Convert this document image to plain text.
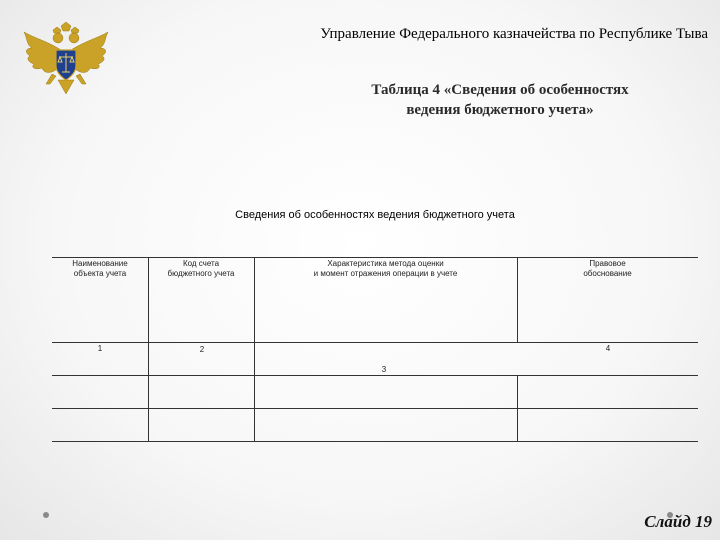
Управление Федерального казначейства по Республике Тыва
Таблица 4 «Сведения об особенностях
ведения бюджетного учета»
Сведения об особенностях ведения бюджетного учета
Наименование
объекта учета
Код счета
бюджетного учета
Характеристика метода оценки
и момент отражения операции в учете
Правовое
обоснование
1	2
3
4
Слайд 19
